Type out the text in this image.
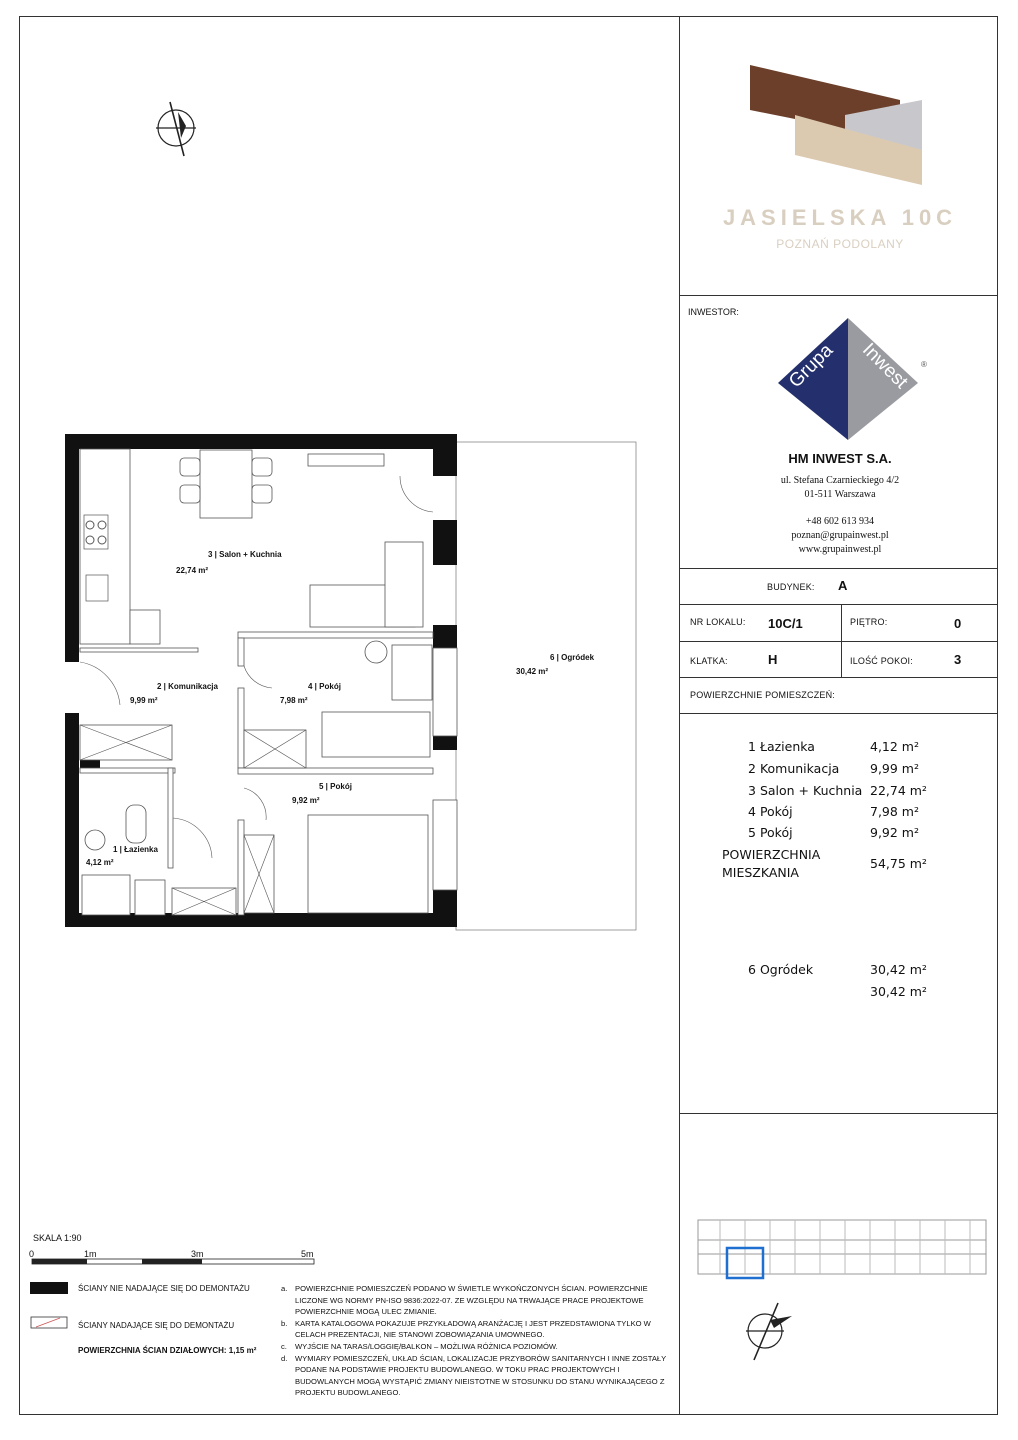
JASIELSKA 10C
POZNAŃ PODOLANY
INWESTOR:
Grupa Inwest ®
HM INWEST S.A.
ul. Stefana Czarnieckiego 4/2
01-511 Warszawa
+48 602 613 934
poznan@grupainwest.pl
www.grupainwest.pl
BUDYNEK: A
NR LOKALU: 10C/1	PIĘTRO:	0
KLATKA:	H	ILOŚĆ POKOI:	3
POWIERZCHNIE POMIESZCZEŃ:
1 Łazienka	4,12 m²
2 Komunikacja 9,99 m²
3 Salon + Kuchnia 22,74 m²
4 Pokój	7,98 m²
5 Pokój	9,92 m²
POWIERZCHNIA
MIESZKANIA
54,75 m²
6 Ogródek	30,42 m²
30,42 m²
3 | Salon + Kuchnia
22,74 m²
2 | Komunikacja
9,99 m²
4 | Pokój
7,98 m²
5 | Pokój
9,92 m²
1 | Łazienka
4,12 m²
6 | Ogródek
30,42 m²
SKALA 1:90
0	1m	3m	5m
ŚCIANY NIE NADAJĄCE SIĘ DO DEMONTAŻU
ŚCIANY NADAJĄCE SIĘ DO DEMONTAŻU
POWIERZCHNIA ŚCIAN DZIAŁOWYCH: 1,15 m²
a.	POWIERZCHNIE POMIESZCZEŃ PODANO W ŚWIETLE WYKOŃCZONYCH ŚCIAN. POWIERZCHNIE LICZONE WG NORMY PN-ISO 9836:2022-07. ZE WZGLĘDU NA TRWAJĄCE PRACE PROJEKTOWE POWIERZCHNIE MOGĄ ULEC ZMIANIE.
b.	KARTA KATALOGOWA POKAZUJE PRZYKŁADOWĄ ARANŻACJĘ I JEST PRZEDSTAWIONA TYLKO W CELACH PREZENTACJI, NIE STANOWI ZOBOWIĄZANIA UMOWNEGO.
c.	WYJŚCIE NA TARAS/LOGGIĘ/BALKON – MOŻLIWA RÓŻNICA POZIOMÓW.
d.	WYMIARY POMIESZCZEŃ, UKŁAD ŚCIAN, LOKALIZACJE PRZYBORÓW SANITARNYCH I INNE ZOSTAŁY PODANE NA PODSTAWIE PROJEKTU BUDOWLANEGO. W TOKU PRAC PROJEKTOWYCH I BUDOWLANYCH MOGĄ WYSTĄPIĆ ZMIANY NIEISTOTNE W STOSUNKU DO STANU WYNIKAJĄCEGO Z PROJEKTU BUDOWLANEGO.
